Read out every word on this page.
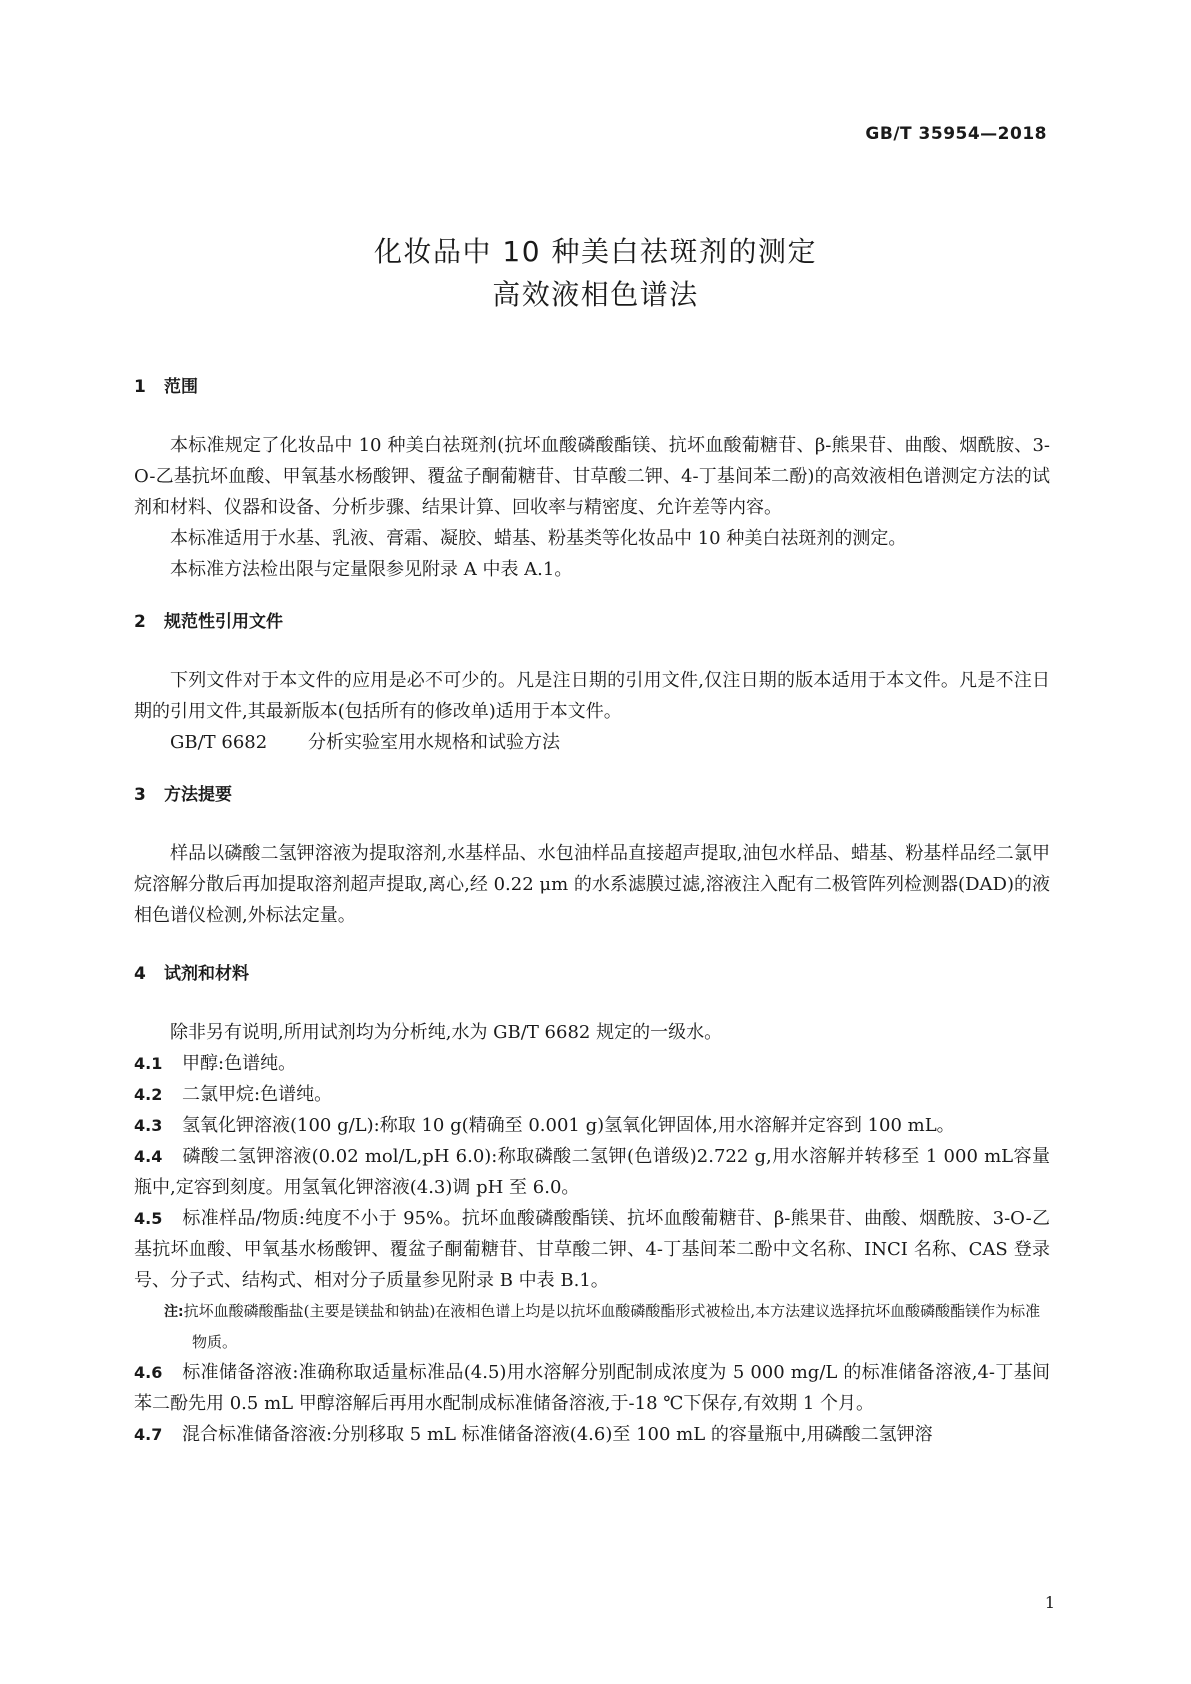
GB/T 35954—2018
化妆品中 10 种美白祛斑剂的测定
高效液相色谱法
1 范围

本标准规定了化妆品中 10 种美白祛斑剂(抗坏血酸磷酸酯镁、抗坏血酸葡糖苷、β-熊果苷、曲酸、烟酰胺、3-O-乙基抗坏血酸、甲氧基水杨酸钾、覆盆子酮葡糖苷、甘草酸二钾、4-丁基间苯二酚)的高效液相色谱测定方法的试剂和材料、仪器和设备、分析步骤、结果计算、回收率与精密度、允许差等内容。

本标准适用于水基、乳液、膏霜、凝胶、蜡基、粉基类等化妆品中 10 种美白祛斑剂的测定。

本标准方法检出限与定量限参见附录 A 中表 A.1。

2 规范性引用文件

下列文件对于本文件的应用是必不可少的。凡是注日期的引用文件,仅注日期的版本适用于本文件。凡是不注日期的引用文件,其最新版本(包括所有的修改单)适用于本文件。

GB/T 6682 分析实验室用水规格和试验方法

3 方法提要

样品以磷酸二氢钾溶液为提取溶剂,水基样品、水包油样品直接超声提取,油包水样品、蜡基、粉基样品经二氯甲烷溶解分散后再加提取溶剂超声提取,离心,经 0.22 μm 的水系滤膜过滤,溶液注入配有二极管阵列检测器(DAD)的液相色谱仪检测,外标法定量。

4 试剂和材料

除非另有说明,所用试剂均为分析纯,水为 GB/T 6682 规定的一级水。

4.1 甲醇:色谱纯。

4.2 二氯甲烷:色谱纯。

4.3 氢氧化钾溶液(100 g/L):称取 10 g(精确至 0.001 g)氢氧化钾固体,用水溶解并定容到 100 mL。

4.4 磷酸二氢钾溶液(0.02 mol/L,pH 6.0):称取磷酸二氢钾(色谱级)2.722 g,用水溶解并转移至 1 000 mL容量瓶中,定容到刻度。用氢氧化钾溶液(4.3)调 pH 至 6.0。

4.5 标准样品/物质:纯度不小于 95%。抗坏血酸磷酸酯镁、抗坏血酸葡糖苷、β-熊果苷、曲酸、烟酰胺、3-O-乙基抗坏血酸、甲氧基水杨酸钾、覆盆子酮葡糖苷、甘草酸二钾、4-丁基间苯二酚中文名称、INCI 名称、CAS 登录号、分子式、结构式、相对分子质量参见附录 B 中表 B.1。

注:抗坏血酸磷酸酯盐(主要是镁盐和钠盐)在液相色谱上均是以抗坏血酸磷酸酯形式被检出,本方法建议选择抗坏血酸磷酸酯镁作为标准物质。

4.6 标准储备溶液:准确称取适量标准品(4.5)用水溶解分别配制成浓度为 5 000 mg/L 的标准储备溶液,4-丁基间苯二酚先用 0.5 mL 甲醇溶解后再用水配制成标准储备溶液,于-18 ℃下保存,有效期 1 个月。

4.7 混合标准储备溶液:分别移取 5 mL 标准储备溶液(4.6)至 100 mL 的容量瓶中,用磷酸二氢钾溶

1
